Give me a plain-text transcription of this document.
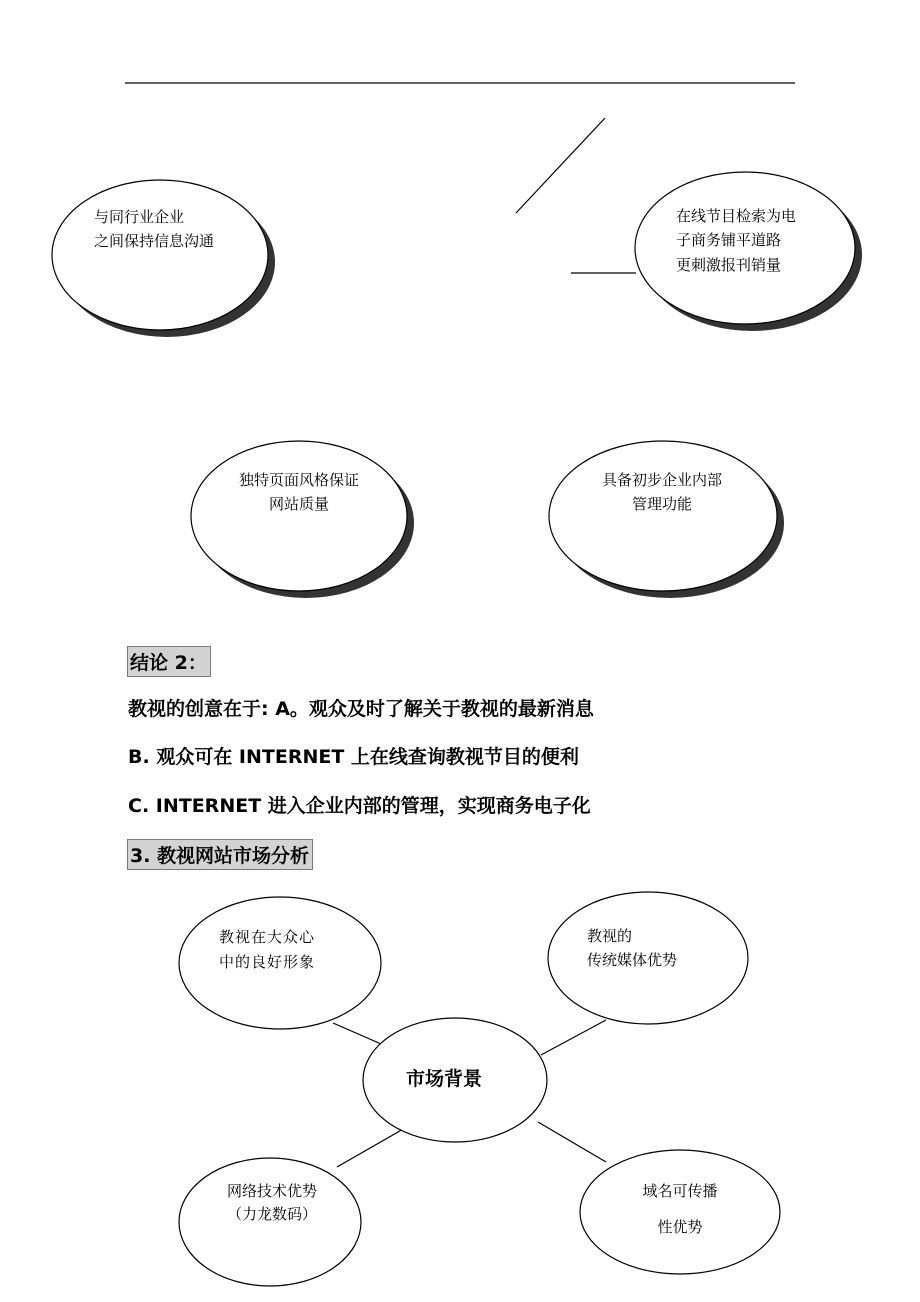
与同行业企业
之间保持信息沟通
在线节目检索为电
子商务铺平道路
更刺激报刊销量
独特页面风格保证
网站质量
具备初步企业内部
管理功能
市场背景
教视在大众心
中的良好形象
教视的
传统媒体优势
网络技术优势
（力龙数码）
域名可传播
性优势
结论 2：
教视的创意在于: A。观众及时了解关于教视的最新消息
B. 观众可在 INTERNET 上在线查询教视节目的便利
C. INTERNET 进入企业内部的管理，实现商务电子化
3. 教视网站市场分析
